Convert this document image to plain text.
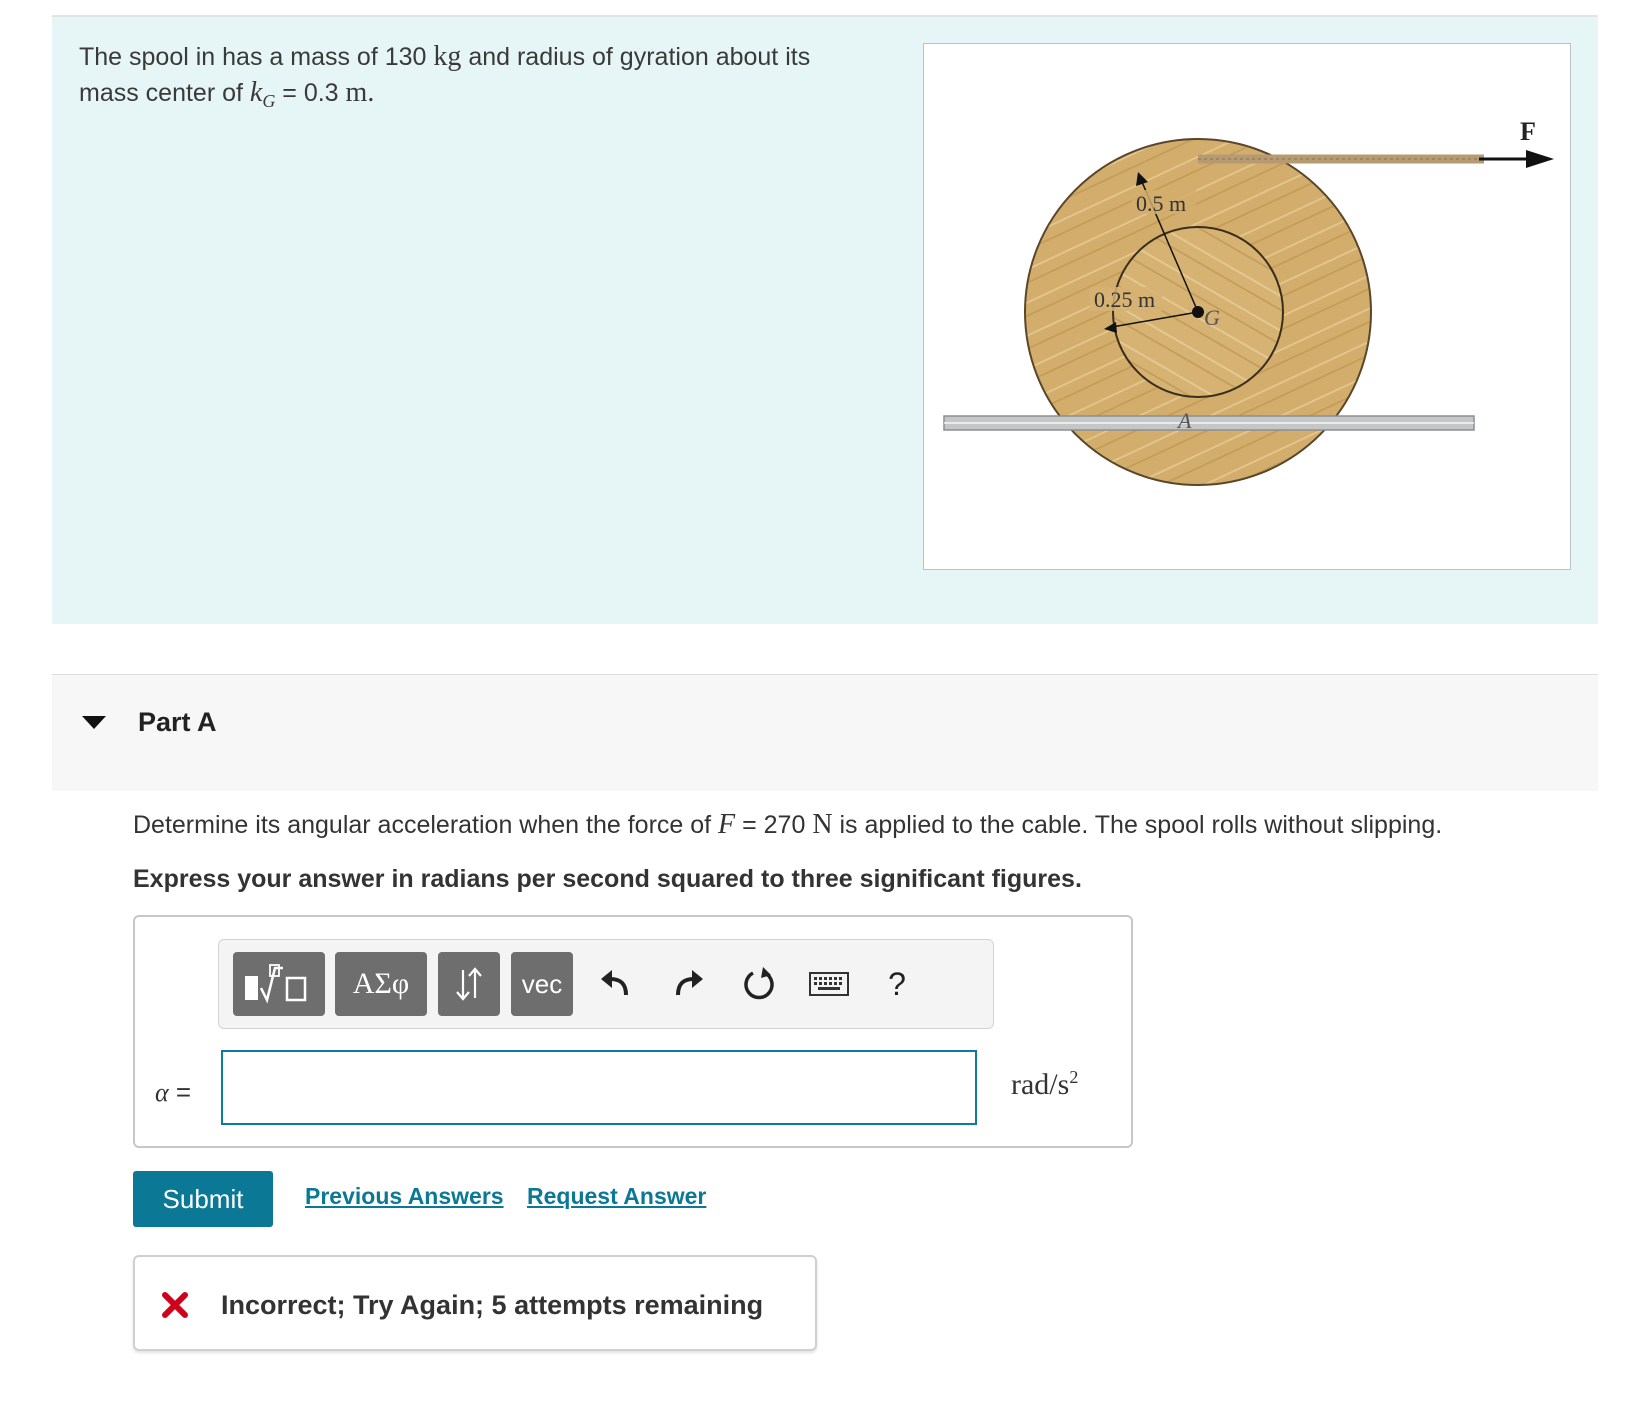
The spool in has a mass of 130 kg and radius of gyration about its
mass center of $k_G = 0.3$ m.
F
0.5 m
0.25 m
G
A
Part A
Determine its angular acceleration when the force of F = 270 N is applied to the cable. The spool rolls without slipping.
Express your answer in radians per second squared to three significant figures.
ΑΣφ	vec	?
α =	rad/$s^2$
Submit	Previous Answers Request Answer
Incorrect; Try Again; 5 attempts remaining
